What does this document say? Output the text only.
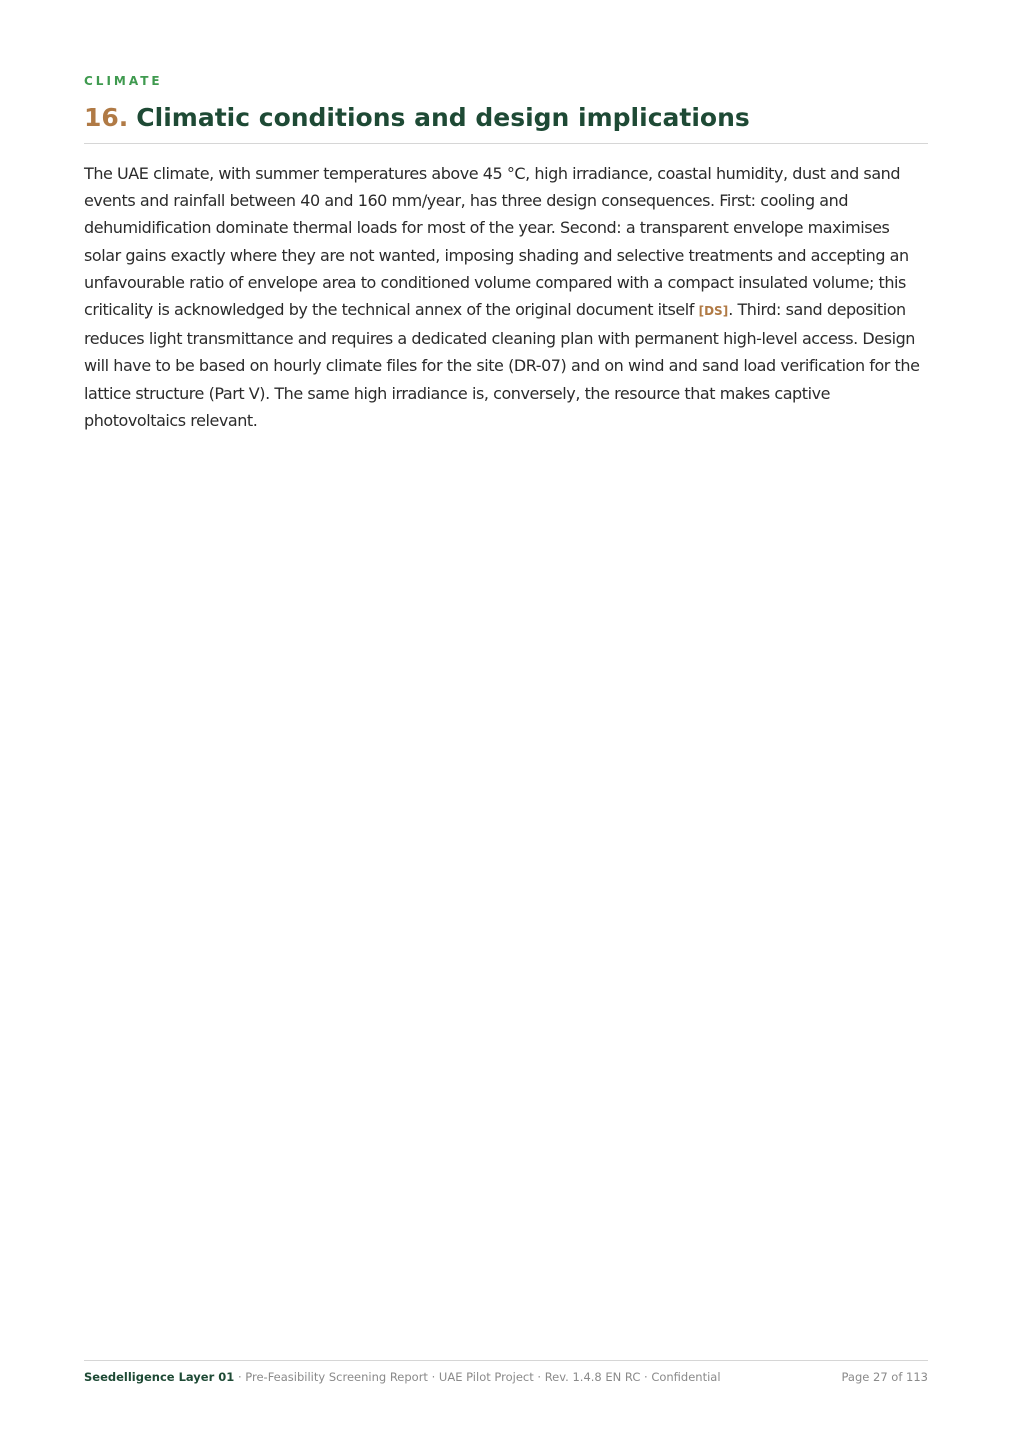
CLIMATE
16. Climatic conditions and design implications

The UAE climate, with summer temperatures above 45 °C, high irradiance, coastal humidity, dust and sand events and rainfall between 40 and 160 mm/year, has three design consequences. First: cooling and dehumidification dominate thermal loads for most of the year. Second: a transparent envelope maximises solar gains exactly where they are not wanted, imposing shading and selective treatments and accepting an unfavourable ratio of envelope area to conditioned volume compared with a compact insulated volume; this criticality is acknowledged by the technical annex of the original document itself [DS]. Third: sand deposition reduces light transmittance and requires a dedicated cleaning plan with permanent high-level access. Design will have to be based on hourly climate files for the site (DR-07) and on wind and sand load verification for the lattice structure (Part V). The same high irradiance is, conversely, the resource that makes captive photovoltaics relevant.

Seedelligence Layer 01 · Pre-Feasibility Screening Report · UAE Pilot Project · Rev. 1.4.8 EN RC · Confidential	Page 27 of 113
